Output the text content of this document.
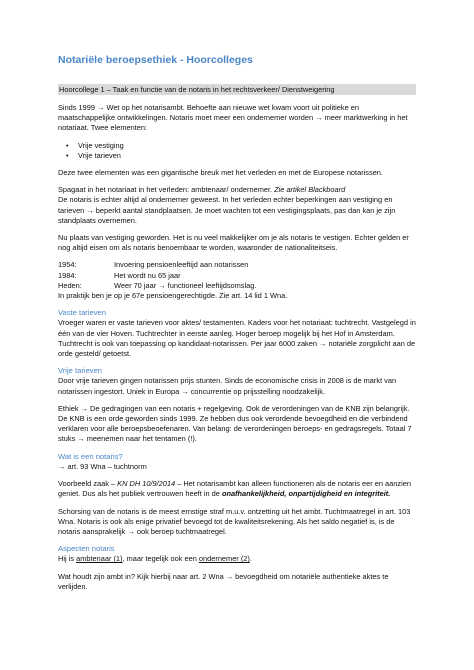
Notariële beroepsethiek - Hoorcolleges
Hoorcollege 1 – Taak en functie van de notaris in het rechtsverkeer/ Dienstweigering

Sinds 1999 → Wet op het notarisambt. Behoefte aan nieuwe wet kwam voort uit politieke en maatschappelijke ontwikkelingen. Notaris moet meer een ondernemer worden → meer marktwerking in het notariaat. Twee elementen:

• Vrije vestiging
• Vrije tarieven

Deze twee elementen was een gigantische breuk met het verleden en met de Europese notarissen.

Spagaat in het notariaat in het verleden: ambtenaar/ ondernemer. Zie artikel Blackboard
De notaris is echter altijd al ondernemer geweest. In het verleden echter beperkingen aan vestiging en tarieven → beperkt aantal standplaatsen. Je moet wachten tot een vestigingsplaats, pas dan kan je zijn standplaats overnemen.

Nu plaats van vestiging geworden. Het is nu veel makkelijker om je als notaris te vestigen. Echter gelden er nog altijd eisen om als notaris benoembaar te worden, waaronder de nationaliteitseis.

1954:	Invoering pensioenleeftijd aan notarissen
1984:	Het wordt nu 65 jaar
Heden:	Weer 70 jaar → functioneel leeftijdsomslag.

In praktijk ben je op je 67e pensioengerechtigde. Zie art. 14 lid 1 Wna.

Vaste tarieven

Vroeger waren er vaste tarieven voor aktes/ testamenten. Kaders voor het notariaat: tuchtrecht. Vastgelegd in één van de vier Hoven. Tuchtrechter in eerste aanleg. Hoger beroep mogelijk bij het Hof in Amsterdam. Tuchtrecht is ook van toepassing op kandidaat-notarissen. Per jaar 6000 zaken → notariële zorgplicht aan de orde gesteld/ getoetst.

Vrije tarieven

Door vrije tarieven gingen notarissen prijs stunten. Sinds de economische crisis in 2008 is de markt van notarissen ingestort. Uniek in Europa → concurrentie op prijsstelling noodzakelijk.

Ethiek → De gedragingen van een notaris + regelgeving. Ook de verordeningen van de KNB zijn belangrijk. De KNB is een orde geworden sinds 1999. Ze hebben dus ook verordende bevoegdheid en die verbindend verklaren voor alle beroepsbeoefenaren. Van belang: de verordeningen beroeps- en gedragsregels. Totaal 7 stuks → meenemen naar het tentamen (!).

Wat is een notaris?

→ art. 93 Wna – tuchtnorm

Voorbeeld zaak – KN DH 10/9/2014 – Het notarisambt kan alleen functioneren als de notaris eer en aanzien geniet. Dus als het publiek vertrouwen heeft in de onafhankelijkheid, onpartijdigheid en integriteit.

Schorsing van de notaris is de meest ernstige straf m.u.v. ontzetting uit het ambt. Tuchtmaatregel in art. 103 Wna. Notaris is ook als enige privatief bevoegd tot de kwaliteitsrekening. Als het saldo negatief is, is de notaris aansprakelijk → ook beroep tuchtmaatregel.

Aspecten notaris

Hij is ambtenaar (1), maar tegelijk ook een ondernemer (2).

Wat houdt zijn ambt in? Kijk hierbij naar art. 2 Wna → bevoegdheid om notariële authentieke aktes te verlijden.
